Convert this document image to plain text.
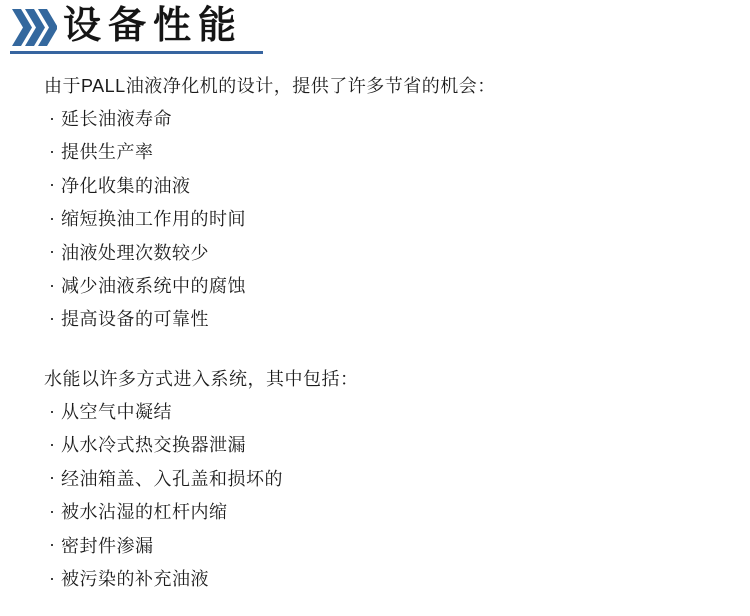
设备性能

由于PALL油液净化机的设计，提供了许多节省的机会：

· 延长油液寿命
· 提供生产率
· 净化收集的油液
· 缩短换油工作用的时间
· 油液处理次数较少
· 减少油液系统中的腐蚀
· 提高设备的可靠性

水能以许多方式进入系统，其中包括：

· 从空气中凝结
· 从水冷式热交换器泄漏
· 经油箱盖、入孔盖和损坏的
· 被水沾湿的杠杆内缩
· 密封件渗漏
· 被污染的补充油液
